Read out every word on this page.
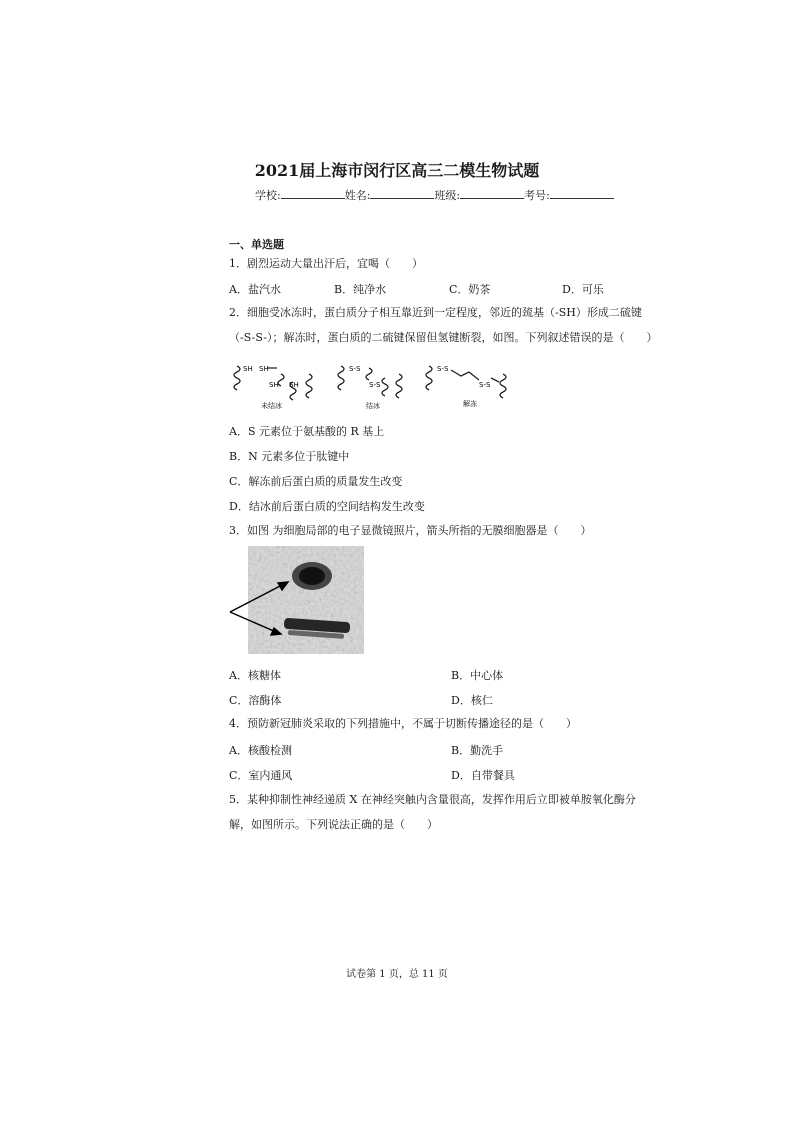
2021届上海市闵行区高三二模生物试题
学校:	姓名:	班级:	考号:
一、单选题
1．剧烈运动大量出汗后，宜喝（　　）
A．盐汽水	B．纯净水	C．奶茶	D．可乐
2．细胞受冰冻时，蛋白质分子相互靠近到一定程度，邻近的巯基（-SH）形成二硫键
（-S-S-）；解冻时，蛋白质的二硫键保留但氢键断裂，如图。下列叙述错误的是（　　）
SH SH
SH SH
S-S
S-S
S-S
S-S
未结冰	结冰	解冻
A．S 元素位于氨基酸的 R 基上
B．N 元素多位于肽键中
C．解冻前后蛋白质的质量发生改变
D．结冰前后蛋白质的空间结构发生改变
3．如图 为细胞局部的电子显微镜照片，箭头所指的无膜细胞器是（　　）
A．核糖体	B．中心体
C．溶酶体	D．核仁
4．预防新冠肺炎采取的下列措施中，不属于切断传播途径的是（　　）
A．核酸检测	B．勤洗手
C．室内通风	D．自带餐具
5．某种抑制性神经递质 X 在神经突触内含量很高，发挥作用后立即被单胺氧化酶分
解，如图所示。下列说法正确的是（　　）
试卷第 1 页，总 11 页
